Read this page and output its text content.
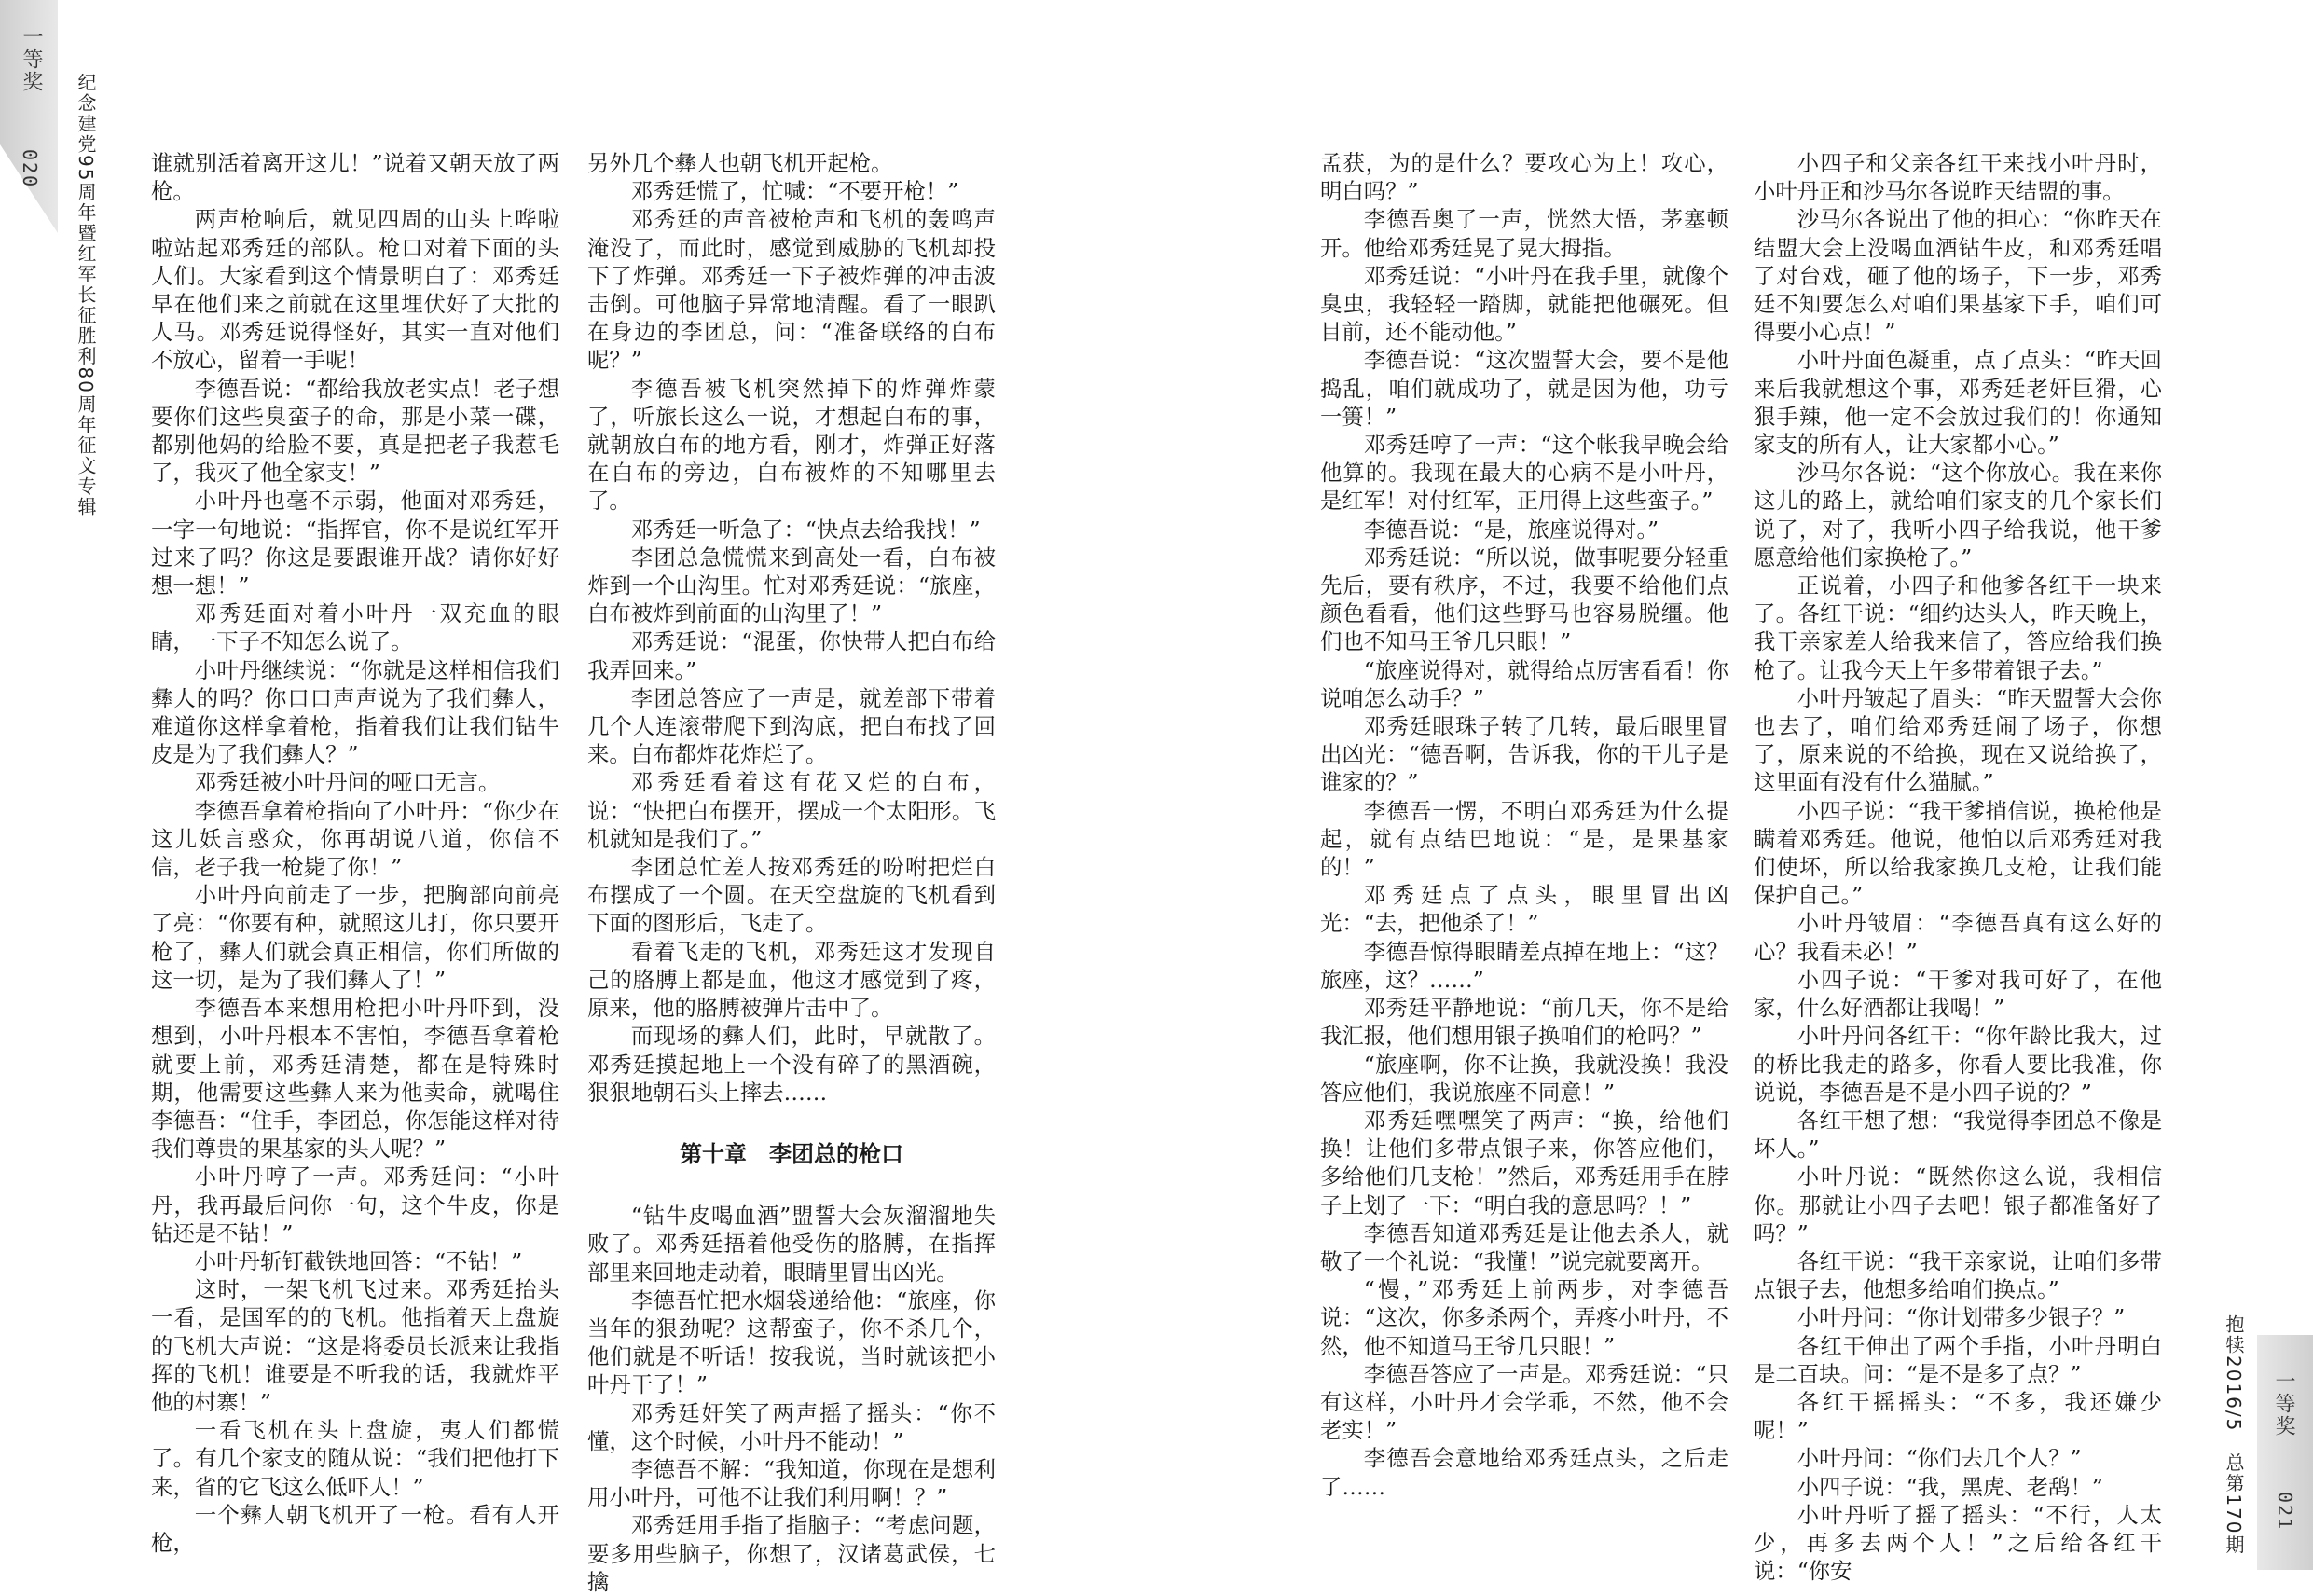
一等奖
020 纪念建党95周年暨红军长征胜利80周年征文专辑 谁就别活着离开这儿！”说着又朝天放了两枪。

两声枪响后，就见四周的山头上哗啦啦站起邓秀廷的部队。枪口对着下面的头人们。大家看到这个情景明白了：邓秀廷早在他们来之前就在这里埋伏好了大批的人马。邓秀廷说得怪好，其实一直对他们不放心，留着一手呢！

李德吾说：“都给我放老实点！老子想要你们这些臭蛮子的命，那是小菜一碟，都别他妈的给脸不要，真是把老子我惹毛了，我灭了他全家支！”

小叶丹也毫不示弱，他面对邓秀廷，一字一句地说：“指挥官，你不是说红军开过来了吗？你这是要跟谁开战？请你好好想一想！”

邓秀廷面对着小叶丹一双充血的眼睛，一下子不知怎么说了。

小叶丹继续说：“你就是这样相信我们彝人的吗？你口口声声说为了我们彝人，难道你这样拿着枪，指着我们让我们钻牛皮是为了我们彝人？”

邓秀廷被小叶丹问的哑口无言。

李德吾拿着枪指向了小叶丹：“你少在这儿妖言惑众，你再胡说八道，你信不信，老子我一枪毙了你！”

小叶丹向前走了一步，把胸部向前亮了亮：“你要有种，就照这儿打，你只要开枪了，彝人们就会真正相信，你们所做的这一切，是为了我们彝人了！”

李德吾本来想用枪把小叶丹吓到，没想到，小叶丹根本不害怕，李德吾拿着枪就要上前，邓秀廷清楚，都在是特殊时期，他需要这些彝人来为他卖命，就喝住李德吾：“住手，李团总，你怎能这样对待我们尊贵的果基家的头人呢？”

小叶丹哼了一声。邓秀廷问：“小叶丹，我再最后问你一句，这个牛皮，你是钻还是不钻！”

小叶丹斩钉截铁地回答：“不钻！”

这时，一架飞机飞过来。邓秀廷抬头一看，是国军的的飞机。他指着天上盘旋的飞机大声说：“这是将委员长派来让我指挥的飞机！谁要是不听我的话，我就炸平他的村寨！”

一看飞机在头上盘旋，夷人们都慌了。有几个家支的随从说：“我们把他打下来，省的它飞这么低吓人！”

一个彝人朝飞机开了一枪。看有人开枪，

另外几个彝人也朝飞机开起枪。

邓秀廷慌了，忙喊：“不要开枪！”

邓秀廷的声音被枪声和飞机的轰鸣声淹没了，而此时，感觉到威胁的飞机却投下了炸弹。邓秀廷一下子被炸弹的冲击波击倒。可他脑子异常地清醒。看了一眼趴在身边的李团总，问：“准备联络的白布呢？”

李德吾被飞机突然掉下的炸弹炸蒙了，听旅长这么一说，才想起白布的事，就朝放白布的地方看，刚才，炸弹正好落在白布的旁边，白布被炸的不知哪里去了。

邓秀廷一听急了：“快点去给我找！”

李团总急慌慌来到高处一看，白布被炸到一个山沟里。忙对邓秀廷说：“旅座，白布被炸到前面的山沟里了！”

邓秀廷说：“混蛋，你快带人把白布给我弄回来。”

李团总答应了一声是，就差部下带着几个人连滚带爬下到沟底，把白布找了回来。白布都炸花炸烂了。

邓秀廷看着这有花又烂的白布，说：“快把白布摆开，摆成一个太阳形。飞机就知是我们了。”

李团总忙差人按邓秀廷的吩咐把烂白布摆成了一个圆。在天空盘旋的飞机看到下面的图形后，飞走了。

看着飞走的飞机，邓秀廷这才发现自己的胳膊上都是血，他这才感觉到了疼，原来，他的胳膊被弹片击中了。

而现场的彝人们，此时，早就散了。邓秀廷摸起地上一个没有碎了的黑酒碗，狠狠地朝石头上摔去……

第十章　李团总的枪口

“钻牛皮喝血酒”盟誓大会灰溜溜地失败了。邓秀廷捂着他受伤的胳膊，在指挥部里来回地走动着，眼睛里冒出凶光。

李德吾忙把水烟袋递给他：“旅座，你当年的狠劲呢？这帮蛮子，你不杀几个，他们就是不听话！按我说，当时就该把小叶丹干了！”

邓秀廷奸笑了两声摇了摇头：“你不懂，这个时候，小叶丹不能动！”

李德吾不解：“我知道，你现在是想利用小叶丹，可他不让我们利用啊！？”

邓秀廷用手指了指脑子：“考虑问题，要多用些脑子，你想了，汉诸葛武侯，七擒

孟获，为的是什么？要攻心为上！攻心，明白吗？”

李德吾奥了一声，恍然大悟，茅塞顿开。他给邓秀廷晃了晃大拇指。

邓秀廷说：“小叶丹在我手里，就像个臭虫，我轻轻一踏脚，就能把他碾死。但目前，还不能动他。”

李德吾说：“这次盟誓大会，要不是他捣乱，咱们就成功了，就是因为他，功亏一篑！”

邓秀廷哼了一声：“这个帐我早晚会给他算的。我现在最大的心病不是小叶丹，是红军！对付红军，正用得上这些蛮子。”

李德吾说：“是，旅座说得对。”

邓秀廷说：“所以说，做事呢要分轻重先后，要有秩序，不过，我要不给他们点颜色看看，他们这些野马也容易脱缰。他们也不知马王爷几只眼！”

“旅座说得对，就得给点厉害看看！你说咱怎么动手？”

邓秀廷眼珠子转了几转，最后眼里冒出凶光：“德吾啊，告诉我，你的干儿子是谁家的？”

李德吾一愣，不明白邓秀廷为什么提起，就有点结巴地说：“是，是果基家的！”

邓秀廷点了点头，眼里冒出凶光：“去，把他杀了！”

李德吾惊得眼睛差点掉在地上：“这？旅座，这？……”

邓秀廷平静地说：“前几天，你不是给我汇报，他们想用银子换咱们的枪吗？”

“旅座啊，你不让换，我就没换！我没答应他们，我说旅座不同意！”

邓秀廷嘿嘿笑了两声：“换，给他们换！让他们多带点银子来，你答应他们，多给他们几支枪！”然后，邓秀廷用手在脖子上划了一下：“明白我的意思吗？！”

李德吾知道邓秀廷是让他去杀人，就敬了一个礼说：“我懂！”说完就要离开。

“慢，”邓秀廷上前两步，对李德吾说：“这次，你多杀两个，弄疼小叶丹，不然，他不知道马王爷几只眼！”

李德吾答应了一声是。邓秀廷说：“只有这样，小叶丹才会学乖，不然，他不会老实！”

李德吾会意地给邓秀廷点头，之后走了……

小四子和父亲各红干来找小叶丹时，小叶丹正和沙马尔各说昨天结盟的事。

沙马尔各说出了他的担心：“你昨天在结盟大会上没喝血酒钻牛皮，和邓秀廷唱了对台戏，砸了他的场子，下一步，邓秀廷不知要怎么对咱们果基家下手，咱们可得要小心点！”

小叶丹面色凝重，点了点头：“昨天回来后我就想这个事，邓秀廷老奸巨猾，心狠手辣，他一定不会放过我们的！你通知家支的所有人，让大家都小心。”

沙马尔各说：“这个你放心。我在来你这儿的路上，就给咱们家支的几个家长们说了，对了，我听小四子给我说，他干爹愿意给他们家换枪了。”

正说着，小四子和他爹各红干一块来了。各红干说：“细约达头人，昨天晚上，我干亲家差人给我来信了，答应给我们换枪了。让我今天上午多带着银子去。”

小叶丹皱起了眉头：“昨天盟誓大会你也去了，咱们给邓秀廷闹了场子，你想了，原来说的不给换，现在又说给换了，这里面有没有什么猫腻。”

小四子说：“我干爹捎信说，换枪他是瞒着邓秀廷。他说，他怕以后邓秀廷对我们使坏，所以给我家换几支枪，让我们能保护自己。”

小叶丹皱眉：“李德吾真有这么好的心？我看未必！”

小四子说：“干爹对我可好了，在他家，什么好酒都让我喝！”

小叶丹问各红干：“你年龄比我大，过的桥比我走的路多，你看人要比我准，你说说，李德吾是不是小四子说的？”

各红干想了想：“我觉得李团总不像是坏人。”

小叶丹说：“既然你这么说，我相信你。那就让小四子去吧！银子都准备好了吗？”

各红干说：“我干亲家说，让咱们多带点银子去，他想多给咱们换点。”

小叶丹问：“你计划带多少银子？”

各红干伸出了两个手指，小叶丹明白是二百块。问：“是不是多了点？”

各红干摇摇头：“不多，我还嫌少呢！”

小叶丹问：“你们去几个人？”

小四子说：“我，黑虎、老鸹！”

小叶丹听了摇了摇头：“不行，人太少，再多去两个人！”之后给各红干说：“你安

一等奖
021
抱犊2016/5　总第170期
